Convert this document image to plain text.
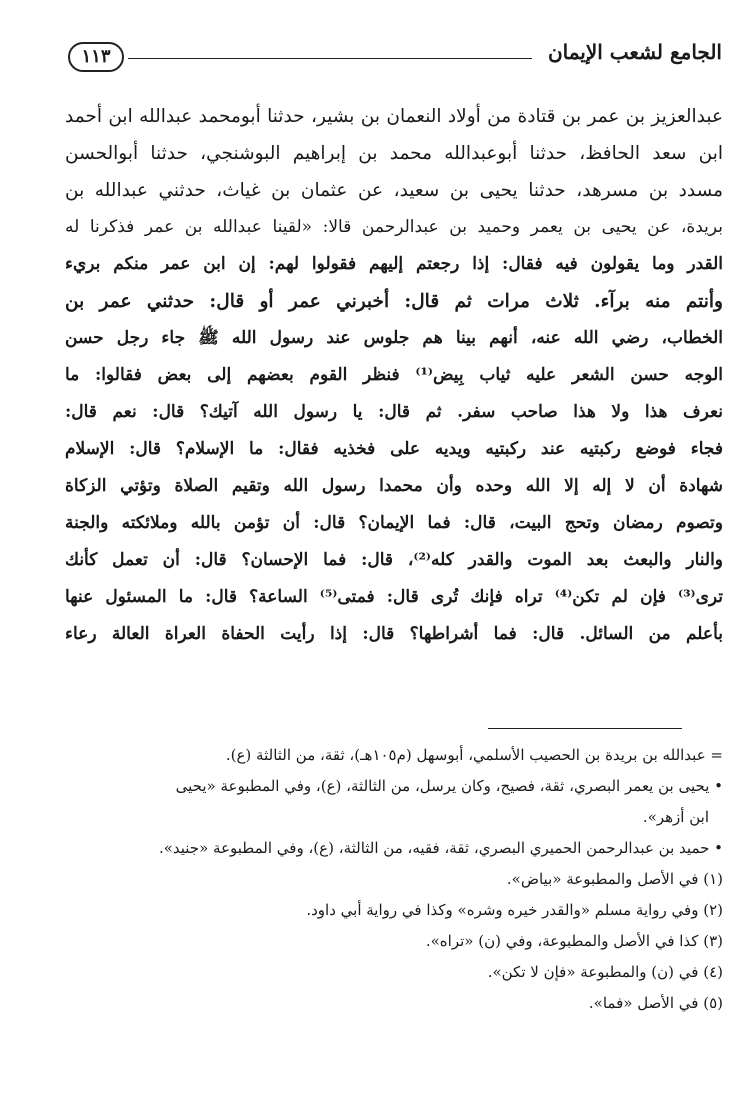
الجامع لشعب الإيمان
١١٣
عبدالعزيز بن عمر بن قتادة من أولاد النعمان بن بشير، حدثنا أبومحمد عبدالله ابن أحمد
ابن سعد الحافظ، حدثنا أبوعبدالله محمد بن إبراهيم البوشنجي، حدثنا أبوالحسن
مسدد بن مسرهد، حدثنا يحيى بن سعيد، عن عثمان بن غياث، حدثني عبدالله بن
بريدة، عن يحيى بن يعمر وحميد بن عبدالرحمن قالا: «لقينا عبدالله بن عمر فذكرنا له
القدر وما يقولون فيه فقال: إذا رجعتم إليهم فقولوا لهم: إن ابن عمر منكم بريء
وأنتم منه برآء. ثلاث مرات ثم قال: أخبرني عمر أو قال: حدثني عمر بن
الخطاب، رضي الله عنه، أنهم بينا هم جلوس عند رسول الله ﷺ جاء رجل حسن
الوجه حسن الشعر عليه ثياب بِيض⁽¹⁾ فنظر القوم بعضهم إلى بعض فقالوا: ما
نعرف هذا ولا هذا صاحب سفر. ثم قال: يا رسول الله آتيك؟ قال: نعم قال:
فجاء فوضع ركبتيه عند ركبتيه ويديه على فخذيه فقال: ما الإسلام؟ قال: الإسلام
شهادة أن لا إله إلا الله وحده وأن محمدا رسول الله وتقيم الصلاة وتؤتي الزكاة
وتصوم رمضان وتحج البيت، قال: فما الإيمان؟ قال: أن تؤمن بالله وملائكته والجنة
والنار والبعث بعد الموت والقدر كله⁽²⁾، قال: فما الإحسان؟ قال: أن تعمل كأنك
ترى⁽³⁾ فإن لم تكن⁽⁴⁾ تراه فإنك تُرى قال: فمتى⁽⁵⁾ الساعة؟ قال: ما المسئول عنها
بأعلم من السائل. قال: فما أشراطها؟ قال: إذا رأيت الحفاة العراة العالة رعاء
= عبدالله بن بريدة بن الحصيب الأسلمي، أبوسهل (م١٠٥هـ)، ثقة، من الثالثة (ع).
• يحيى بن يعمر البصري، ثقة، فصيح، وكان يرسل، من الثالثة، (ع)، وفي المطبوعة «يحيى
ابن أزهر».
• حميد بن عبدالرحمن الحميري البصري، ثقة، فقيه، من الثالثة، (ع)، وفي المطبوعة «جنيد».
(١) في الأصل والمطبوعة «بياض».
(٢) وفي رواية مسلم «والقدر خيره وشره» وكذا في رواية أبي داود.
(٣) كذا في الأصل والمطبوعة، وفي (ن) «تراه».
(٤) في (ن) والمطبوعة «فإن لا تكن».
(٥) في الأصل «فما».
